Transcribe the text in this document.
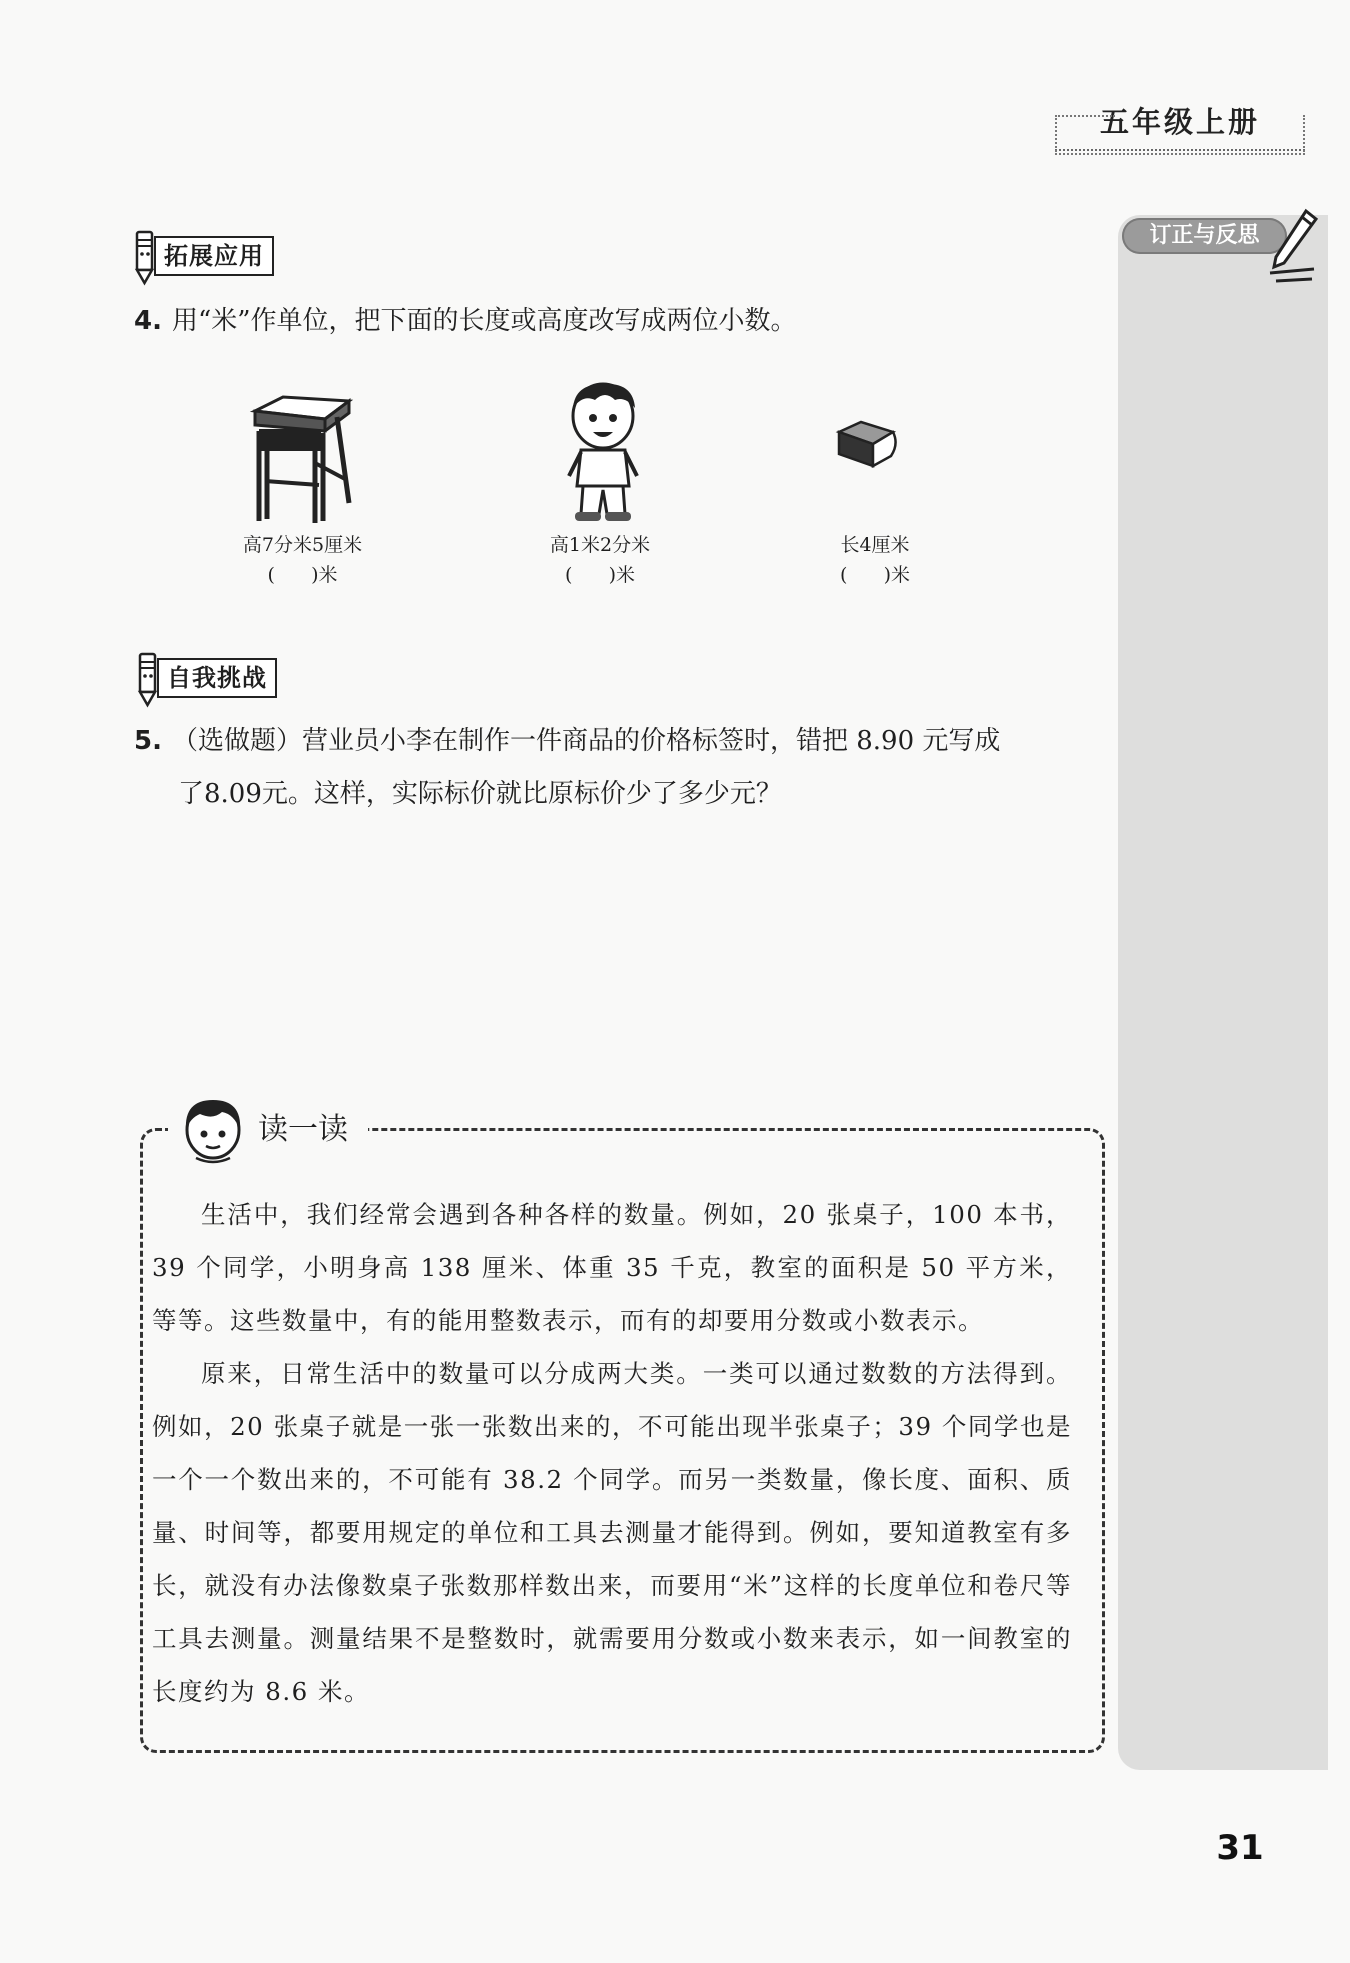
五年级上册
订正与反思
拓展应用
4. 用“米”作单位，把下面的长度或高度改写成两位小数。
高7分米5厘米
(      )米
高1米2分米
(      )米
长4厘米
(      )米
自我挑战
5. （选做题）营业员小李在制作一件商品的价格标签时，错把 8.90 元写成
了8.09元。这样，实际标价就比原标价少了多少元？
读一读

生活中，我们经常会遇到各种各样的数量。例如，20 张桌子，100 本书，39 个同学，小明身高 138 厘米、体重 35 千克，教室的面积是 50 平方米，等等。这些数量中，有的能用整数表示，而有的却要用分数或小数表示。

原来，日常生活中的数量可以分成两大类。一类可以通过数数的方法得到。例如，20 张桌子就是一张一张数出来的，不可能出现半张桌子；39 个同学也是一个一个数出来的，不可能有 38.2 个同学。而另一类数量，像长度、面积、质量、时间等，都要用规定的单位和工具去测量才能得到。例如，要知道教室有多长，就没有办法像数桌子张数那样数出来，而要用“米”这样的长度单位和卷尺等工具去测量。测量结果不是整数时，就需要用分数或小数来表示，如一间教室的长度约为 8.6 米。

31
